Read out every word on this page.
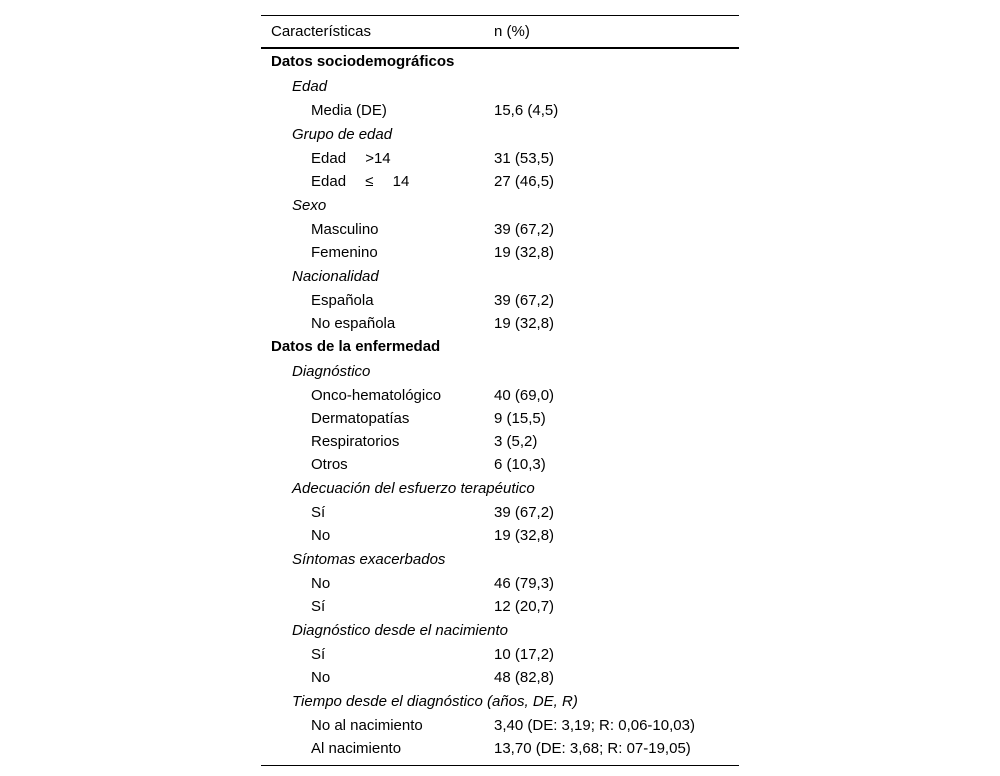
Características	n (%)
Datos sociodemográficos
Edad
Media (DE)	15,6 (4,5)
Grupo de edad
Edad  >14	31 (53,5)
Edad  ≤  14	27 (46,5)
Sexo
Masculino	39 (67,2)
Femenino	19 (32,8)
Nacionalidad
Española	39 (67,2)
No española	19 (32,8)
Datos de la enfermedad
Diagnóstico
Onco-hematológico	40 (69,0)
Dermatopatías	9 (15,5)
Respiratorios	3 (5,2)
Otros	6 (10,3)
Adecuación del esfuerzo terapéutico
Sí	39 (67,2)
No	19 (32,8)
Síntomas exacerbados
No	46 (79,3)
Sí	12 (20,7)
Diagnóstico desde el nacimiento
Sí	10 (17,2)
No	48 (82,8)
Tiempo desde el diagnóstico (años, DE, R)
No al nacimiento	3,40 (DE: 3,19; R: 0,06-10,03)
Al nacimiento	13,70 (DE: 3,68; R: 07-19,05)
